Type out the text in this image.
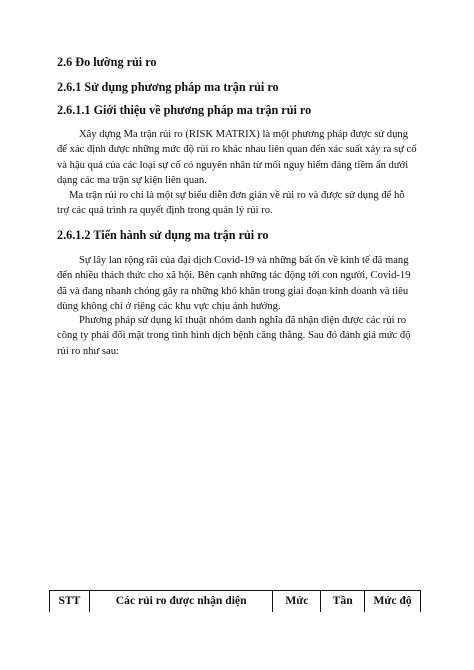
2.6 Đo lường rủi ro
2.6.1 Sử dụng phương pháp ma trận rủi ro
2.6.1.1 Giới thiệu về phương pháp ma trận rủi ro

Xây dựng Ma trận rủi ro (RISK MATRIX) là một phương pháp được sử dụng để xác định được những mức độ rủi ro khác nhau liên quan đến xác suất xảy ra sự cố và hậu quả của các loại sự cố có nguyên nhân từ mối nguy hiểm đáng tiềm ẩn dưới dạng các ma trận sự kiện liên quan.

Ma trận rủi ro chỉ là một sự biểu diễn đơn giản về rủi ro và được sử dụng để hỗ trợ các quá trình ra quyết định trong quản lý rủi ro.

2.6.1.2 Tiến hành sử dụng ma trận rủi ro

Sự lây lan rộng rãi của đại dịch Covid-19 và những bất ổn về kinh tế đã mang đến nhiều thách thức cho xã hội. Bên cạnh những tác động tới con người, Covid-19 đã và đang nhanh chóng gây ra những khó khăn trong giai đoạn kinh doanh và tiêu dùng không chỉ ở riêng các khu vực chịu ảnh hưởng.

Phương pháp sử dụng kĩ thuật nhóm danh nghĩa đã nhận diện được các rủi ro công ty phải đối mặt trong tình hình dịch bệnh căng thẳng. Sau đó đánh giá mức độ rủi ro như sau:

STT	Các rủi ro được nhận diện	Mức	Tần	Mức độ
